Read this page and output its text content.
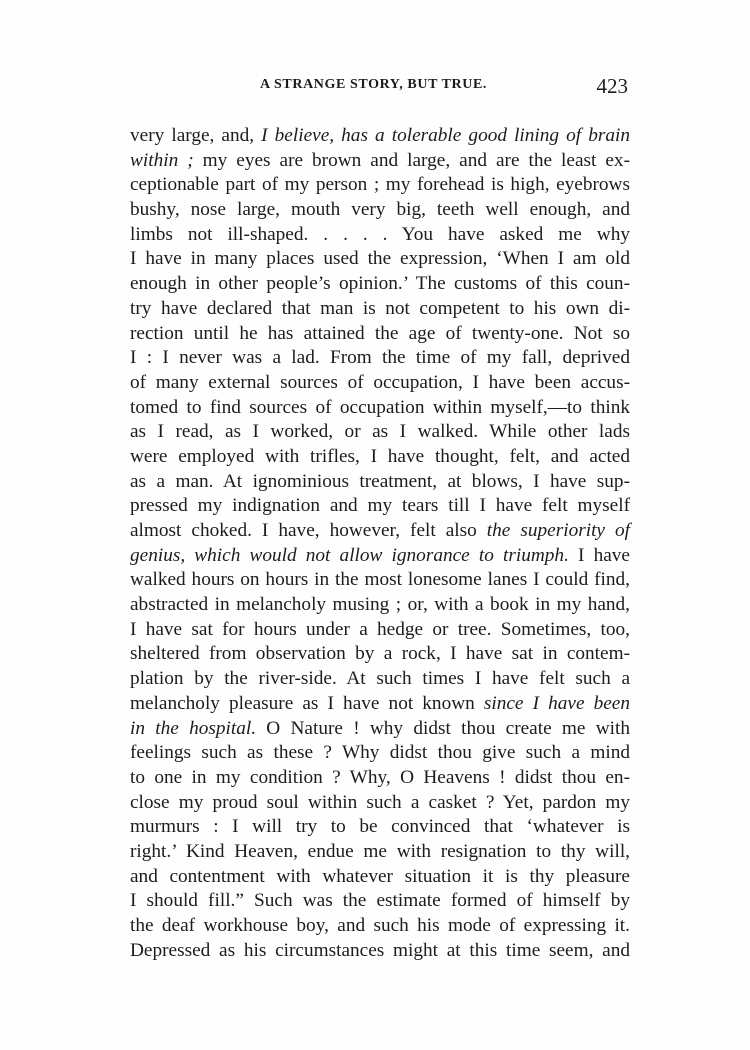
A STRANGE STORY, BUT TRUE.	423
very large, and, I believe, has a tolerable good lining of brain
within ; my eyes are brown and large, and are the least ex-
ceptionable part of my person ; my forehead is high, eyebrows
bushy, nose large, mouth very big, teeth well enough, and
limbs not ill-shaped. . . . . You have asked me why
I have in many places used the expression, ‘When I am old
enough in other people’s opinion.’ The customs of this coun-
try have declared that man is not competent to his own di-
rection until he has attained the age of twenty-one. Not so
I : I never was a lad. From the time of my fall, deprived
of many external sources of occupation, I have been accus-
tomed to find sources of occupation within myself,—to think
as I read, as I worked, or as I walked. While other lads
were employed with trifles, I have thought, felt, and acted
as a man. At ignominious treatment, at blows, I have sup-
pressed my indignation and my tears till I have felt myself
almost choked. I have, however, felt also the superiority of
genius, which would not allow ignorance to triumph. I have
walked hours on hours in the most lonesome lanes I could find,
abstracted in melancholy musing ; or, with a book in my hand,
I have sat for hours under a hedge or tree. Sometimes, too,
sheltered from observation by a rock, I have sat in contem-
plation by the river-side. At such times I have felt such a
melancholy pleasure as I have not known since I have been
in the hospital. O Nature ! why didst thou create me with
feelings such as these ? Why didst thou give such a mind
to one in my condition ? Why, O Heavens ! didst thou en-
close my proud soul within such a casket ? Yet, pardon my
murmurs : I will try to be convinced that ‘whatever is
right.’ Kind Heaven, endue me with resignation to thy will,
and contentment with whatever situation it is thy pleasure
I should fill.” Such was the estimate formed of himself by
the deaf workhouse boy, and such his mode of expressing it.
Depressed as his circumstances might at this time seem, and
